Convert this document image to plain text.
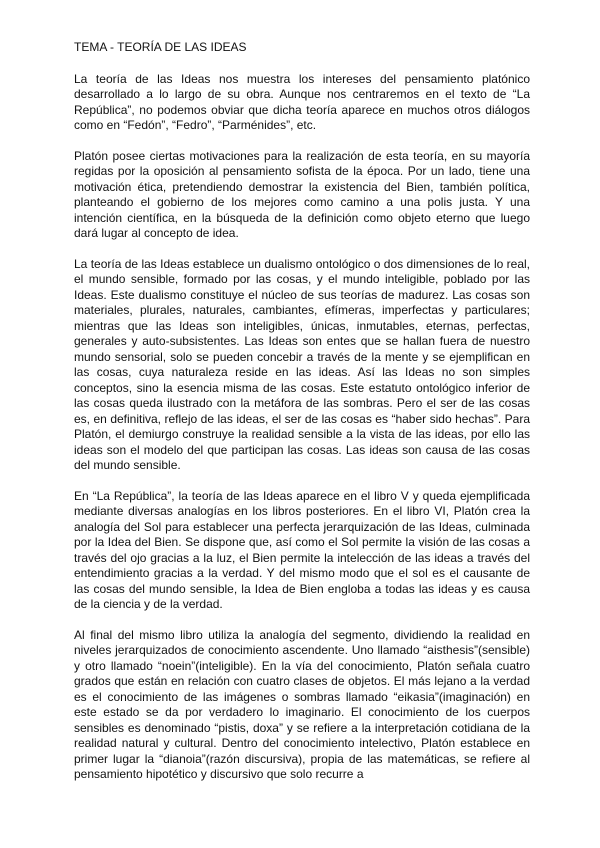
TEMA - TEORÍA DE LAS IDEAS

La teoría de las Ideas nos muestra los intereses del pensamiento platónico desarrollado a lo largo de su obra. Aunque nos centraremos en el texto de “La República”, no podemos obviar que dicha teoría aparece en muchos otros diálogos como en “Fedón”, “Fedro”, “Parménides”, etc.

Platón posee ciertas motivaciones para la realización de esta teoría, en su mayoría regidas por la oposición al pensamiento sofista de la época. Por un lado, tiene una motivación ética, pretendiendo demostrar la existencia del Bien, también política, planteando el gobierno de los mejores como camino a una polis justa. Y una intención científica, en la búsqueda de la definición como objeto eterno que luego dará lugar al concepto de idea.

La teoría de las Ideas establece un dualismo ontológico o dos dimensiones de lo real, el mundo sensible, formado por las cosas, y el mundo inteligible, poblado por las Ideas. Este dualismo constituye el núcleo de sus teorías de madurez. Las cosas son materiales, plurales, naturales, cambiantes, efímeras, imperfectas y particulares; mientras que las Ideas son inteligibles, únicas, inmutables, eternas, perfectas, generales y auto-subsistentes. Las Ideas son entes que se hallan fuera de nuestro mundo sensorial, solo se pueden concebir a través de la mente y se ejemplifican en las cosas, cuya naturaleza reside en las ideas. Así las Ideas no son simples conceptos, sino la esencia misma de las cosas. Este estatuto ontológico inferior de las cosas queda ilustrado con la metáfora de las sombras. Pero el ser de las cosas es, en definitiva, reflejo de las ideas, el ser de las cosas es “haber sido hechas”. Para Platón, el demiurgo construye la realidad sensible a la vista de las ideas, por ello las ideas son el modelo del que participan las cosas. Las ideas son causa de las cosas del mundo sensible.

En “La República”, la teoría de las Ideas aparece en el libro V y queda ejemplificada mediante diversas analogías en los libros posteriores. En el libro VI, Platón crea la analogía del Sol para establecer una perfecta jerarquización de las Ideas, culminada por la Idea del Bien. Se dispone que, así como el Sol permite la visión de las cosas a través del ojo gracias a la luz, el Bien permite la intelección de las ideas a través del entendimiento gracias a la verdad. Y del mismo modo que el sol es el causante de las cosas del mundo sensible, la Idea de Bien engloba a todas las ideas y es causa de la ciencia y de la verdad.

Al final del mismo libro utiliza la analogía del segmento, dividiendo la realidad en niveles jerarquizados de conocimiento ascendente. Uno llamado “aisthesis”(sensible) y otro llamado “noein”(inteligible). En la vía del conocimiento, Platón señala cuatro grados que están en relación con cuatro clases de objetos. El más lejano a la verdad es el conocimiento de las imágenes o sombras llamado “eikasia”(imaginación) en este estado se da por verdadero lo imaginario. El conocimiento de los cuerpos sensibles es denominado “pistis, doxa” y se refiere a la interpretación cotidiana de la realidad natural y cultural. Dentro del conocimiento intelectivo, Platón establece en primer lugar la “dianoia”(razón discursiva), propia de las matemáticas, se refiere al pensamiento hipotético y discursivo que solo recurre a
